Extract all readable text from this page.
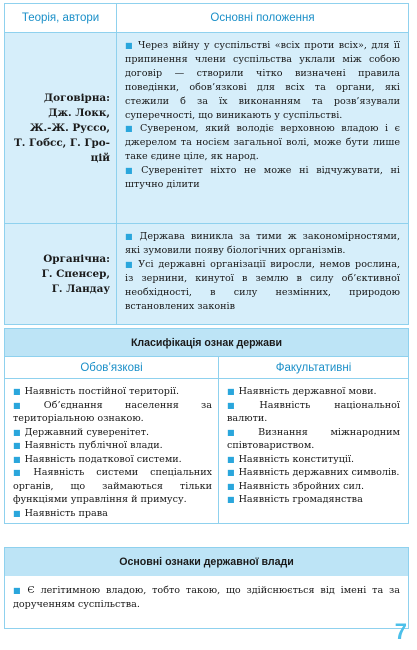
Теорія, автори	Основні положення
Договірна:
Дж. Локк,
Ж.-Ж. Руссо,
Т. Гобсс, Г. Гро-
цій

■ Через війну у суспільстві «всіх проти всіх», для її припинення члени суспільства уклали між собою договір — створили чітко визначені правила поведінки, обов’язкові для всіх та органи, які стежили б за їх виконанням та розв’язували суперечності, що виникають у суспільстві.

■ Сувереном, який володіє верховною владою і є джерелом та носієм загальної волі, може бути лише таке єдине ціле, як народ.

■ Суверенітет ніхто не може ні відчужувати, ні штучно ділити

Органічна:
Г. Спенсер,
Г. Ландау

■ Держава виникла за тими ж закономірностями, які зумовили появу біологічних організмів.

■ Усі державні організації виросли, немов рослина, із зернини, кинутої в землю в силу об’єктивної необхідності, в силу незмінних, природою встановлених законів

Класифікація ознак держави
Обов’язкові	Факультативні

■ Наявність постійної території.

■ Об’єднання населення за територіальною ознакою.

■ Державний суверенітет.

■ Наявність публічної влади.

■ Наявність податкової системи.

■ Наявність системи спеціальних органів, що займаються тільки функціями управління й примусу.

■ Наявність права

■ Наявність державної мови.

■ Наявність національної валюти.

■ Визнання міжнародним співтовариством.

■ Наявність конституції.

■ Наявність державних символів.

■ Наявність збройних сил.

■ Наявність громадянства

Основні ознаки державної влади

■ Є легітимною владою, тобто такою, що здійснюється від імені та за дорученням суспільства.

7
